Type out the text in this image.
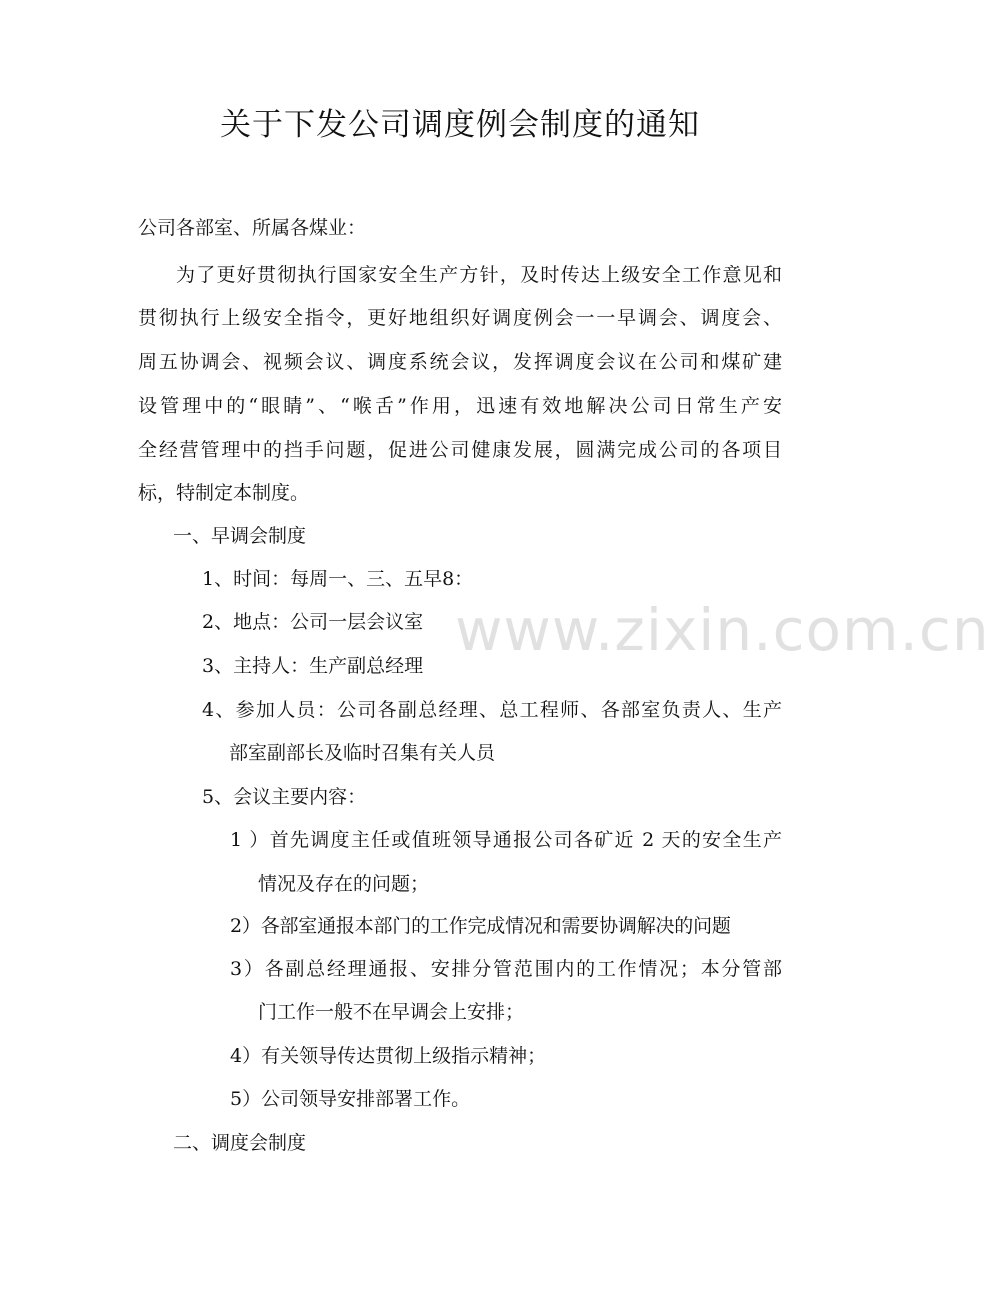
www.zixin.com.cn
关于下发公司调度例会制度的通知

公司各部室、所属各煤业：

为了更好贯彻执行国家安全生产方针，及时传达上级安全工作意见和

贯彻执行上级安全指令，更好地组织好调度例会一一早调会、调度会、

周五协调会、视频会议、调度系统会议，发挥调度会议在公司和煤矿建

设管理中的“眼睛”、“喉舌”作用，迅速有效地解决公司日常生产安

全经营管理中的挡手问题，促进公司健康发展，圆满完成公司的各项目

标，特制定本制度。

一、早调会制度

1、时间：每周一、三、五早8：

2、地点：公司一层会议室

3、主持人：生产副总经理

4、参加人员：公司各副总经理、总工程师、各部室负责人、生产

部室副部长及临时召集有关人员

5、会议主要内容：

1 ）首先调度主任或值班领导通报公司各矿近 2 天的安全生产

情况及存在的问题；

2）各部室通报本部门的工作完成情况和需要协调解决的问题

3）各副总经理通报、安排分管范围内的工作情况；本分管部

门工作一般不在早调会上安排；

4）有关领导传达贯彻上级指示精神；

5）公司领导安排部署工作。

二、调度会制度
